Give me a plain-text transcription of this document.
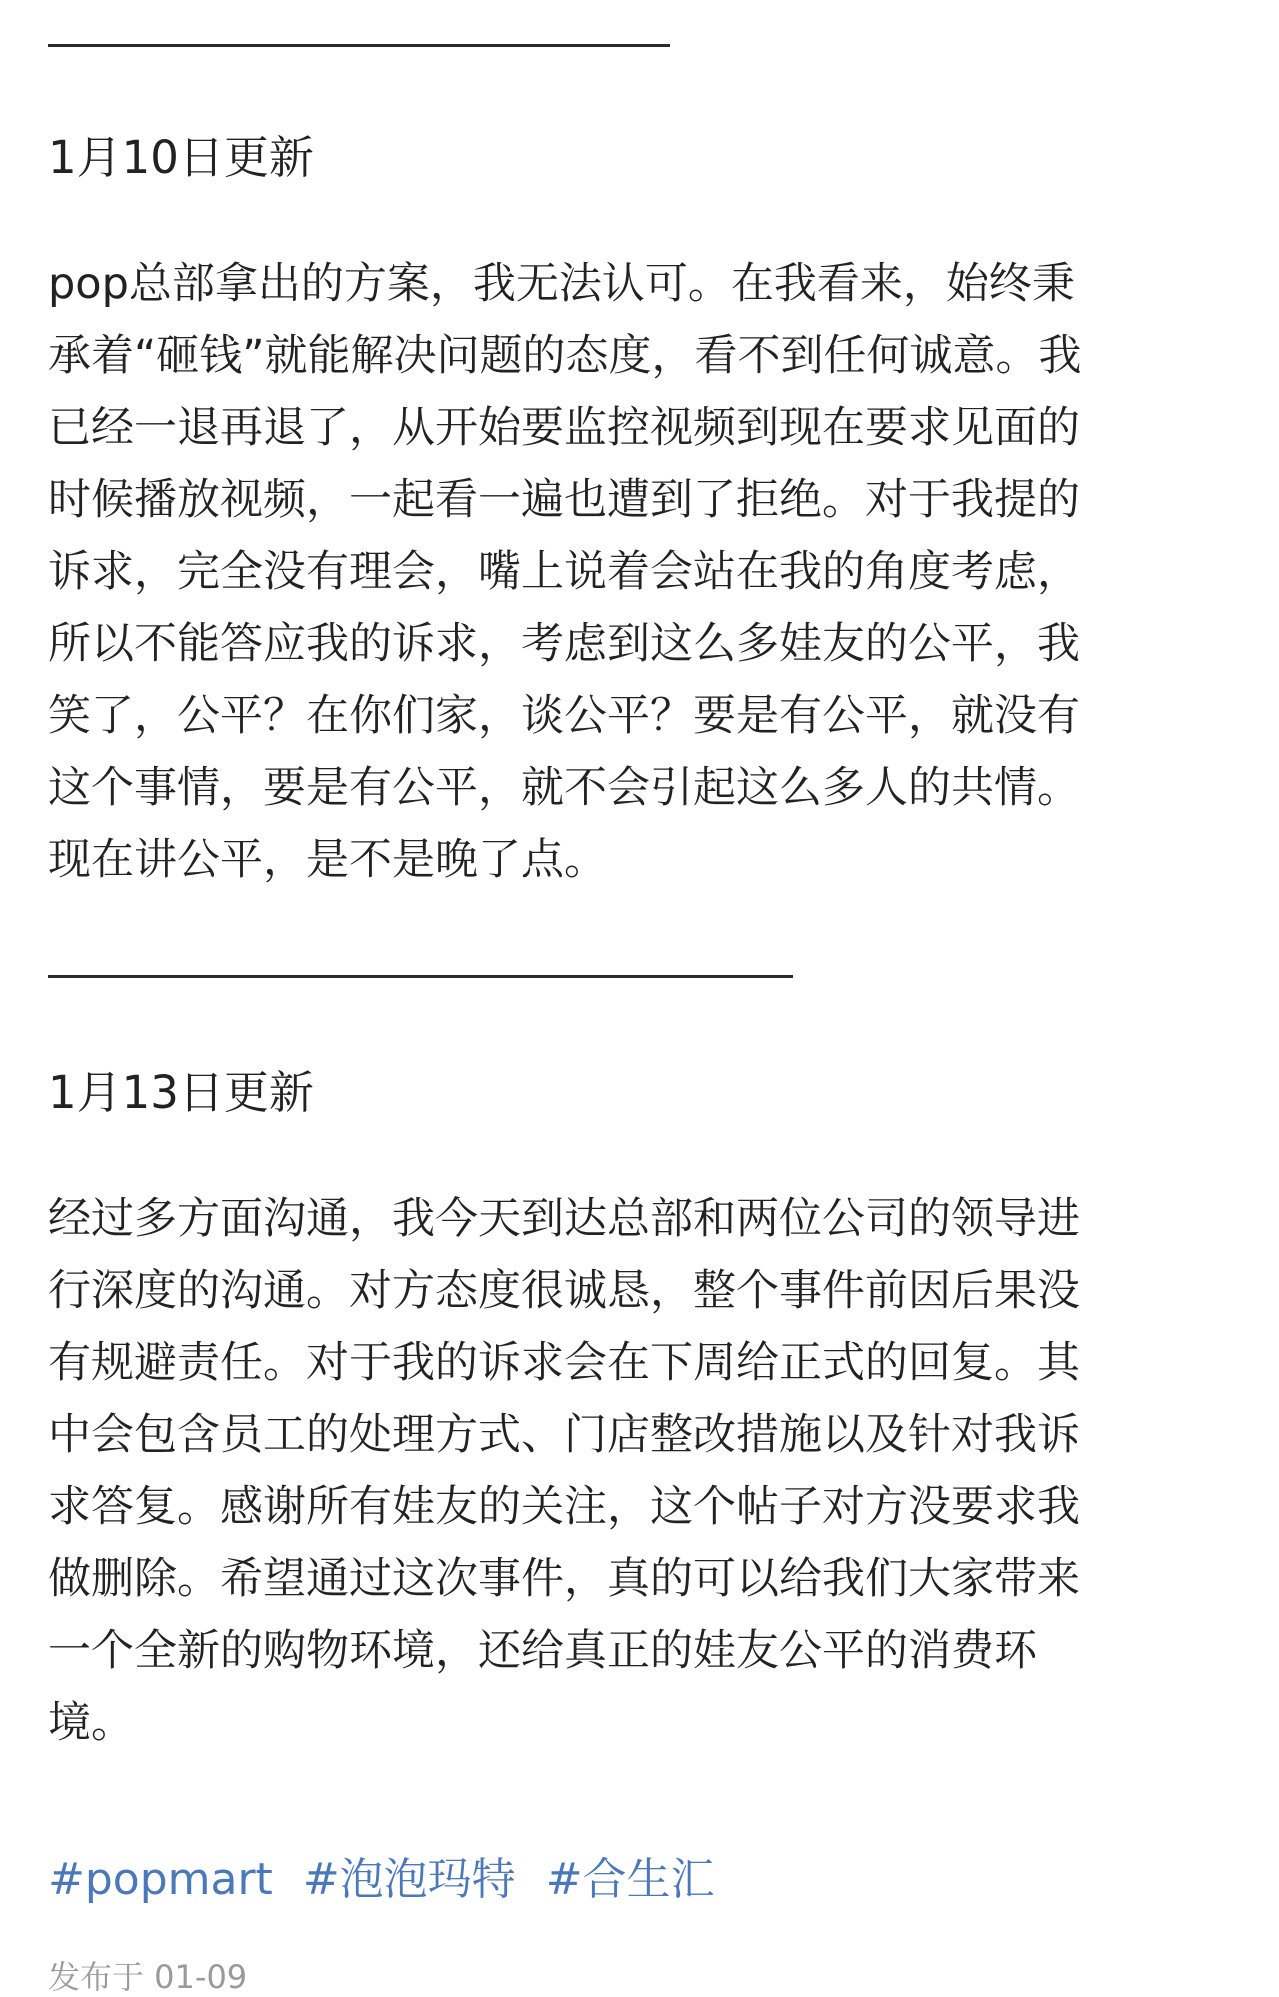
1月10日更新

pop总部拿出的方案，我无法认可。在我看来，始终秉
承着“砸钱”就能解决问题的态度，看不到任何诚意。我
已经一退再退了，从开始要监控视频到现在要求见面的
时候播放视频，一起看一遍也遭到了拒绝。对于我提的
诉求，完全没有理会，嘴上说着会站在我的角度考虑，
所以不能答应我的诉求，考虑到这么多娃友的公平，我
笑了，公平？在你们家，谈公平？要是有公平，就没有
这个事情，要是有公平，就不会引起这么多人的共情。
现在讲公平，是不是晚了点。

1月13日更新

经过多方面沟通，我今天到达总部和两位公司的领导进
行深度的沟通。对方态度很诚恳，整个事件前因后果没
有规避责任。对于我的诉求会在下周给正式的回复。其
中会包含员工的处理方式、门店整改措施以及针对我诉
求答复。感谢所有娃友的关注，这个帖子对方没要求我
做删除。希望通过这次事件，真的可以给我们大家带来
一个全新的购物环境，还给真正的娃友公平的消费环
境。

#popmart #泡泡玛特 #合生汇
发布于 01-09
